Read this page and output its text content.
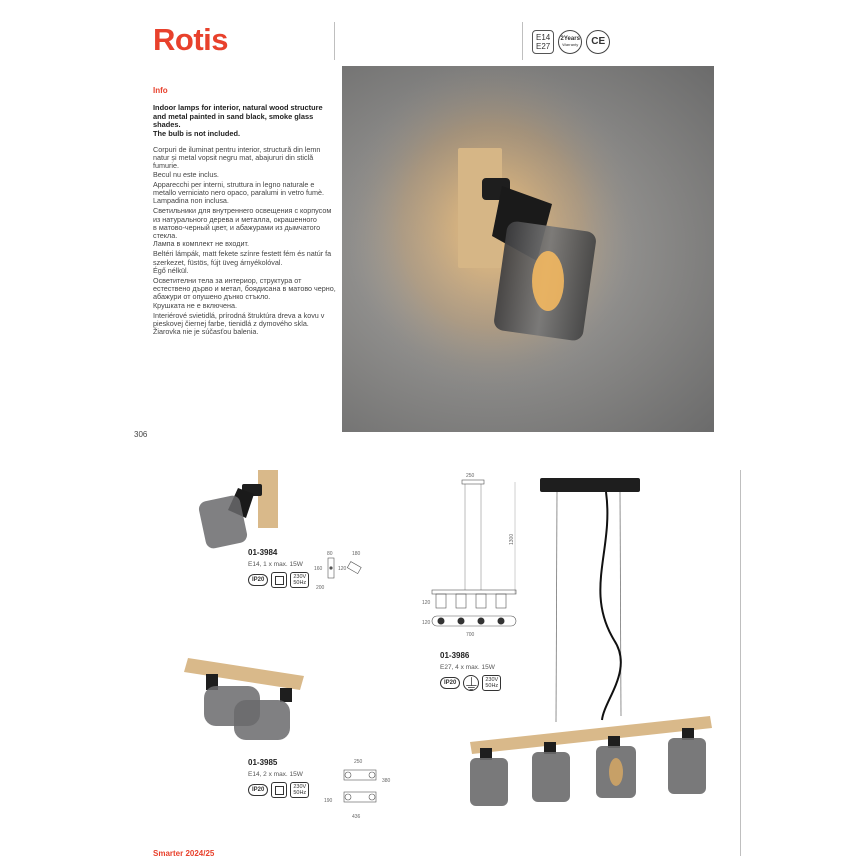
Rotis	E14
E27
2Years
Warranty	CE
Info
Indoor lamps for interior, natural wood structure
and metal painted in sand black, smoke glass
shades.
The bulb is not included.

Corpuri de iluminat pentru interior, structură din lemn
natur și metal vopsit negru mat, abajururi din sticlă
fumurie.
Becul nu este inclus.

Apparecchi per interni, struttura in legno naturale e
metallo verniciato nero opaco, paralumi in vetro fumè.
Lampadina non inclusa.

Светильники для внутреннего освещения с корпусом
из натурального дерева и металла, окрашенного
в матово-черный цвет, и абажурами из дымчатого
стекла.
Лампа в комплект не входит.

Beltéri lámpák, matt fekete színre festett fém és natúr fa
szerkezet, füstös, fújt üveg árnyékolóval.
Égő nélkül.

Осветителни тела за интериор, структура от
естествено дърво и метал, боядисана в матово черно,
абажури от опушено дънко стъкло.
Крушката не е включена.

Interiérové svietidlá, prírodná štruktúra dreva a kovu v
pieskovej čiernej farbe, tienidlá z dymového skla.
Žiarovka nie je súčasťou balenia.

306
01-3984
E14, 1 x max. 15W
IP20	230V
50Hz
80	180
160	120
200
01-3985
E14, 2 x max. 15W
IP20	230V
50Hz
250
380
190
436
250
1300
120
700
120
01-3986
E27, 4 x max. 15W
IP20 ⏚ 230V
50Hz
Smarter 2024/25
